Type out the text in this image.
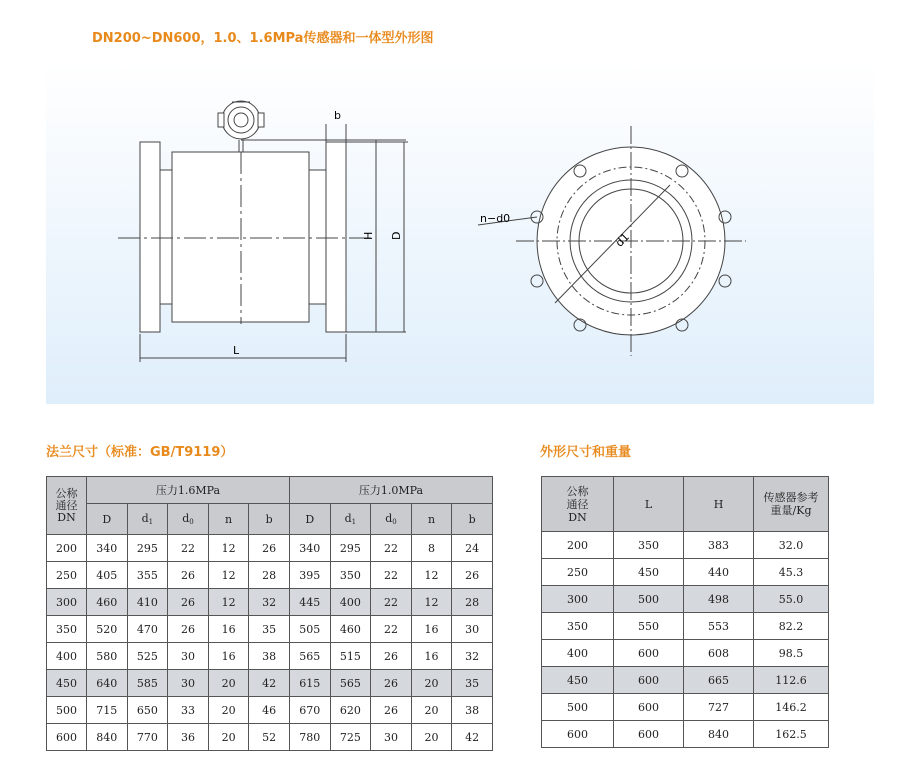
DN200~DN600，1.0、1.6MPa传感器和一体型外形图
b
H D
L
n−d0
d1
法兰尺寸（标准：GB/T9119）	外形尺寸和重量
公称
通径
DN	压力1.6MPa					压力1.0MPa				
	D	$d_1$	$d_0$	n	b	D	$d_1$	$d_0$	n	b
200	340	295	22	12	26	340	295	22	8	24
250	405	355	26	12	28	395	350	22	12	26
300	460	410	26	12	32	445	400	22	12	28
350	520	470	26	16	35	505	460	22	16	30
400	580	525	30	16	38	565	515	26	16	32
450	640	585	30	20	42	615	565	26	20	35
500	715	650	33	20	46	670	620	26	20	38
600	840	770	36	20	52	780	725	30	20	42
公称
通径
DN	L	H	传感器参考
重量/Kg
200	350	383	32.0
250	450	440	45.3
300	500	498	55.0
350	550	553	82.2
400	600	608	98.5
450	600	665	112.6
500	600	727	146.2
600	600	840	162.5
